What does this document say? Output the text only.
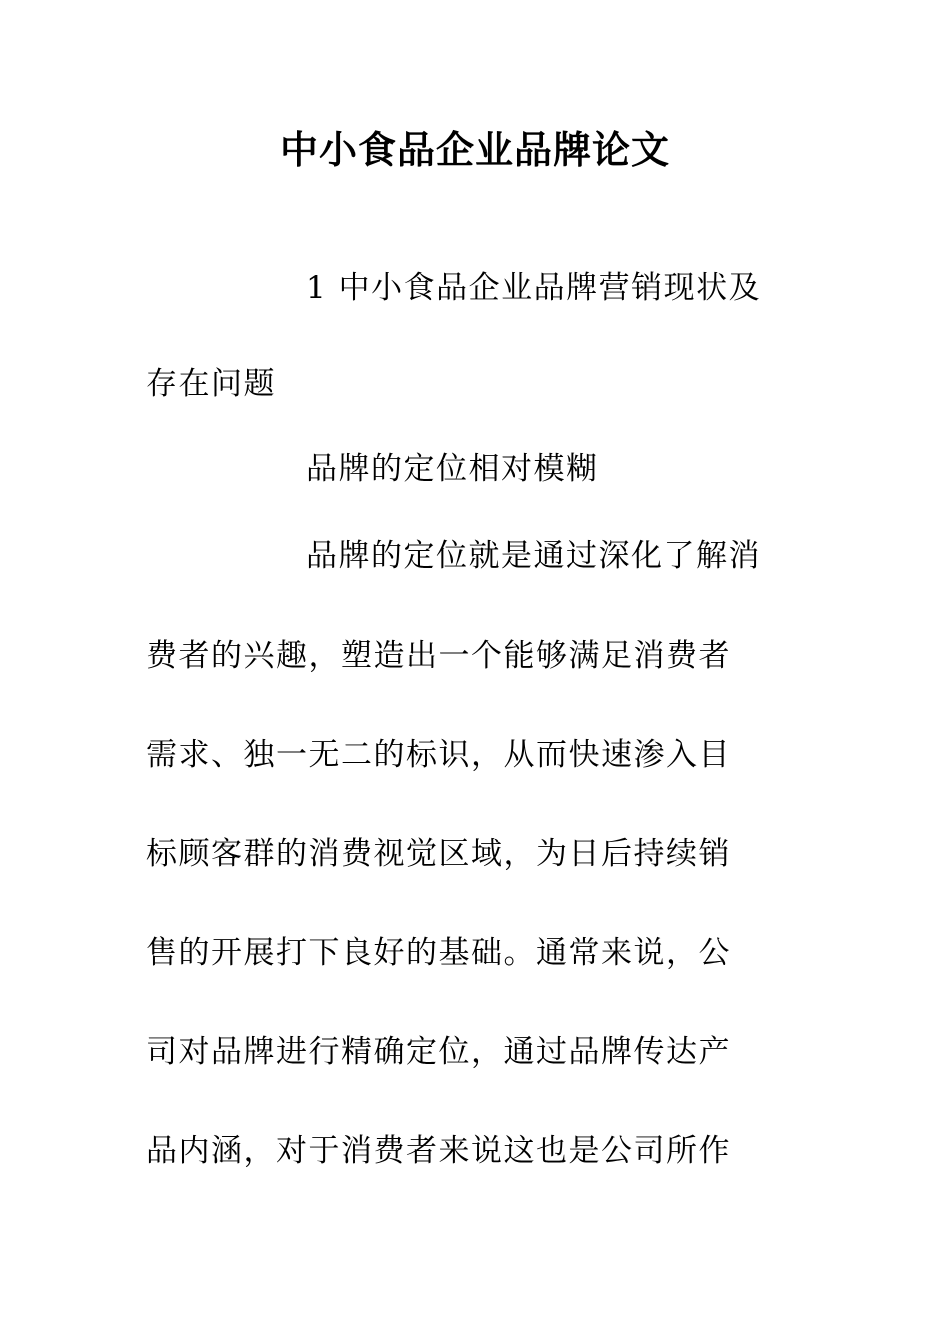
中小食品企业品牌论文
1 中小食品企业品牌营销现状及
存在问题
品牌的定位相对模糊
品牌的定位就是通过深化了解消
费者的兴趣，塑造出一个能够满足消费者
需求、独一无二的标识，从而快速渗入目
标顾客群的消费视觉区域，为日后持续销
售的开展打下良好的基础。通常来说，公
司对品牌进行精确定位，通过品牌传达产
品内涵，对于消费者来说这也是公司所作
